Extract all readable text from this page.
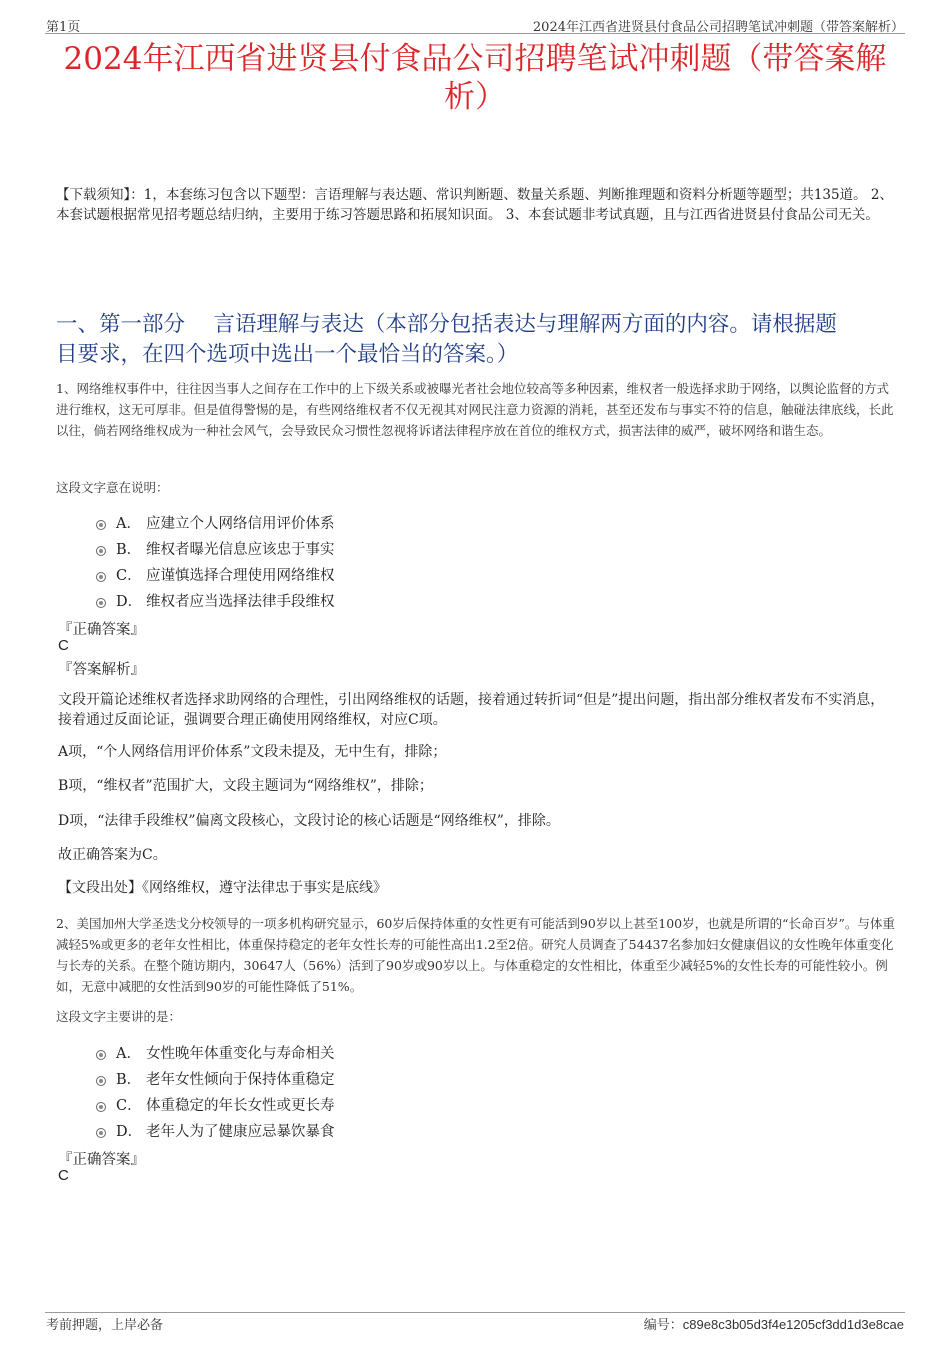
第1页	2024年江西省进贤县付食品公司招聘笔试冲刺题（带答案解析）
2024年江西省进贤县付食品公司招聘笔试冲刺题（带答案解
析）
【下载须知】：1，本套练习包含以下题型：言语理解与表达题、常识判断题、数量关系题、判断推理题和资料分析题等题型；共135道。 2、本套试题根据常见招考题总结归纳，主要用于练习答题思路和拓展知识面。 3、本套试题非考试真题，且与江西省进贤县付食品公司无关。
一、第一部分　 言语理解与表达（本部分包括表达与理解两方面的内容。请根据题
目要求，在四个选项中选出一个最恰当的答案。）
1、网络维权事件中，往往因当事人之间存在工作中的上下级关系或被曝光者社会地位较高等多种因素，维权者一般选择求助于网络，以舆论监督的方式进行维权，这无可厚非。但是值得警惕的是，有些网络维权者不仅无视其对网民注意力资源的消耗，甚至还发布与事实不符的信息，触碰法律底线，长此以往，倘若网络维权成为一种社会风气，会导致民众习惯性忽视将诉诸法律程序放在首位的维权方式，损害法律的威严，破坏网络和谐生态。
这段文字意在说明：
A． 应建立个人网络信用评价体系
B． 维权者曝光信息应该忠于事实
C． 应谨慎选择合理使用网络维权
D． 维权者应当选择法律手段维权
『正确答案』
C
『答案解析』
文段开篇论述维权者选择求助网络的合理性，引出网络维权的话题，接着通过转折词“但是”提出问题，指出部分维权者发布不实消息，接着通过反面论证，强调要合理正确使用网络维权，对应C项。
A项，“个人网络信用评价体系”文段未提及，无中生有，排除；
B项，“维权者”范围扩大，文段主题词为“网络维权”，排除；
D项，“法律手段维权”偏离文段核心，文段讨论的核心话题是“网络维权”，排除。
故正确答案为C。
【文段出处】《网络维权，遵守法律忠于事实是底线》
2、美国加州大学圣迭戈分校领导的一项多机构研究显示，60岁后保持体重的女性更有可能活到90岁以上甚至100岁，也就是所谓的“长命百岁”。与体重减轻5%或更多的老年女性相比，体重保持稳定的老年女性长寿的可能性高出1.2至2倍。研究人员调查了54437名参加妇女健康倡议的女性晚年体重变化与长寿的关系。在整个随访期内，30647人（56%）活到了90岁或90岁以上。与体重稳定的女性相比，体重至少减轻5%的女性长寿的可能性较小。例如，无意中减肥的女性活到90岁的可能性降低了51%。
这段文字主要讲的是：
A． 女性晚年体重变化与寿命相关
B． 老年女性倾向于保持体重稳定
C． 体重稳定的年长女性或更长寿
D． 老年人为了健康应忌暴饮暴食
『正确答案』
C
考前押题，上岸必备	编号：c89e8c3b05d3f4e1205cf3dd1d3e8cae
